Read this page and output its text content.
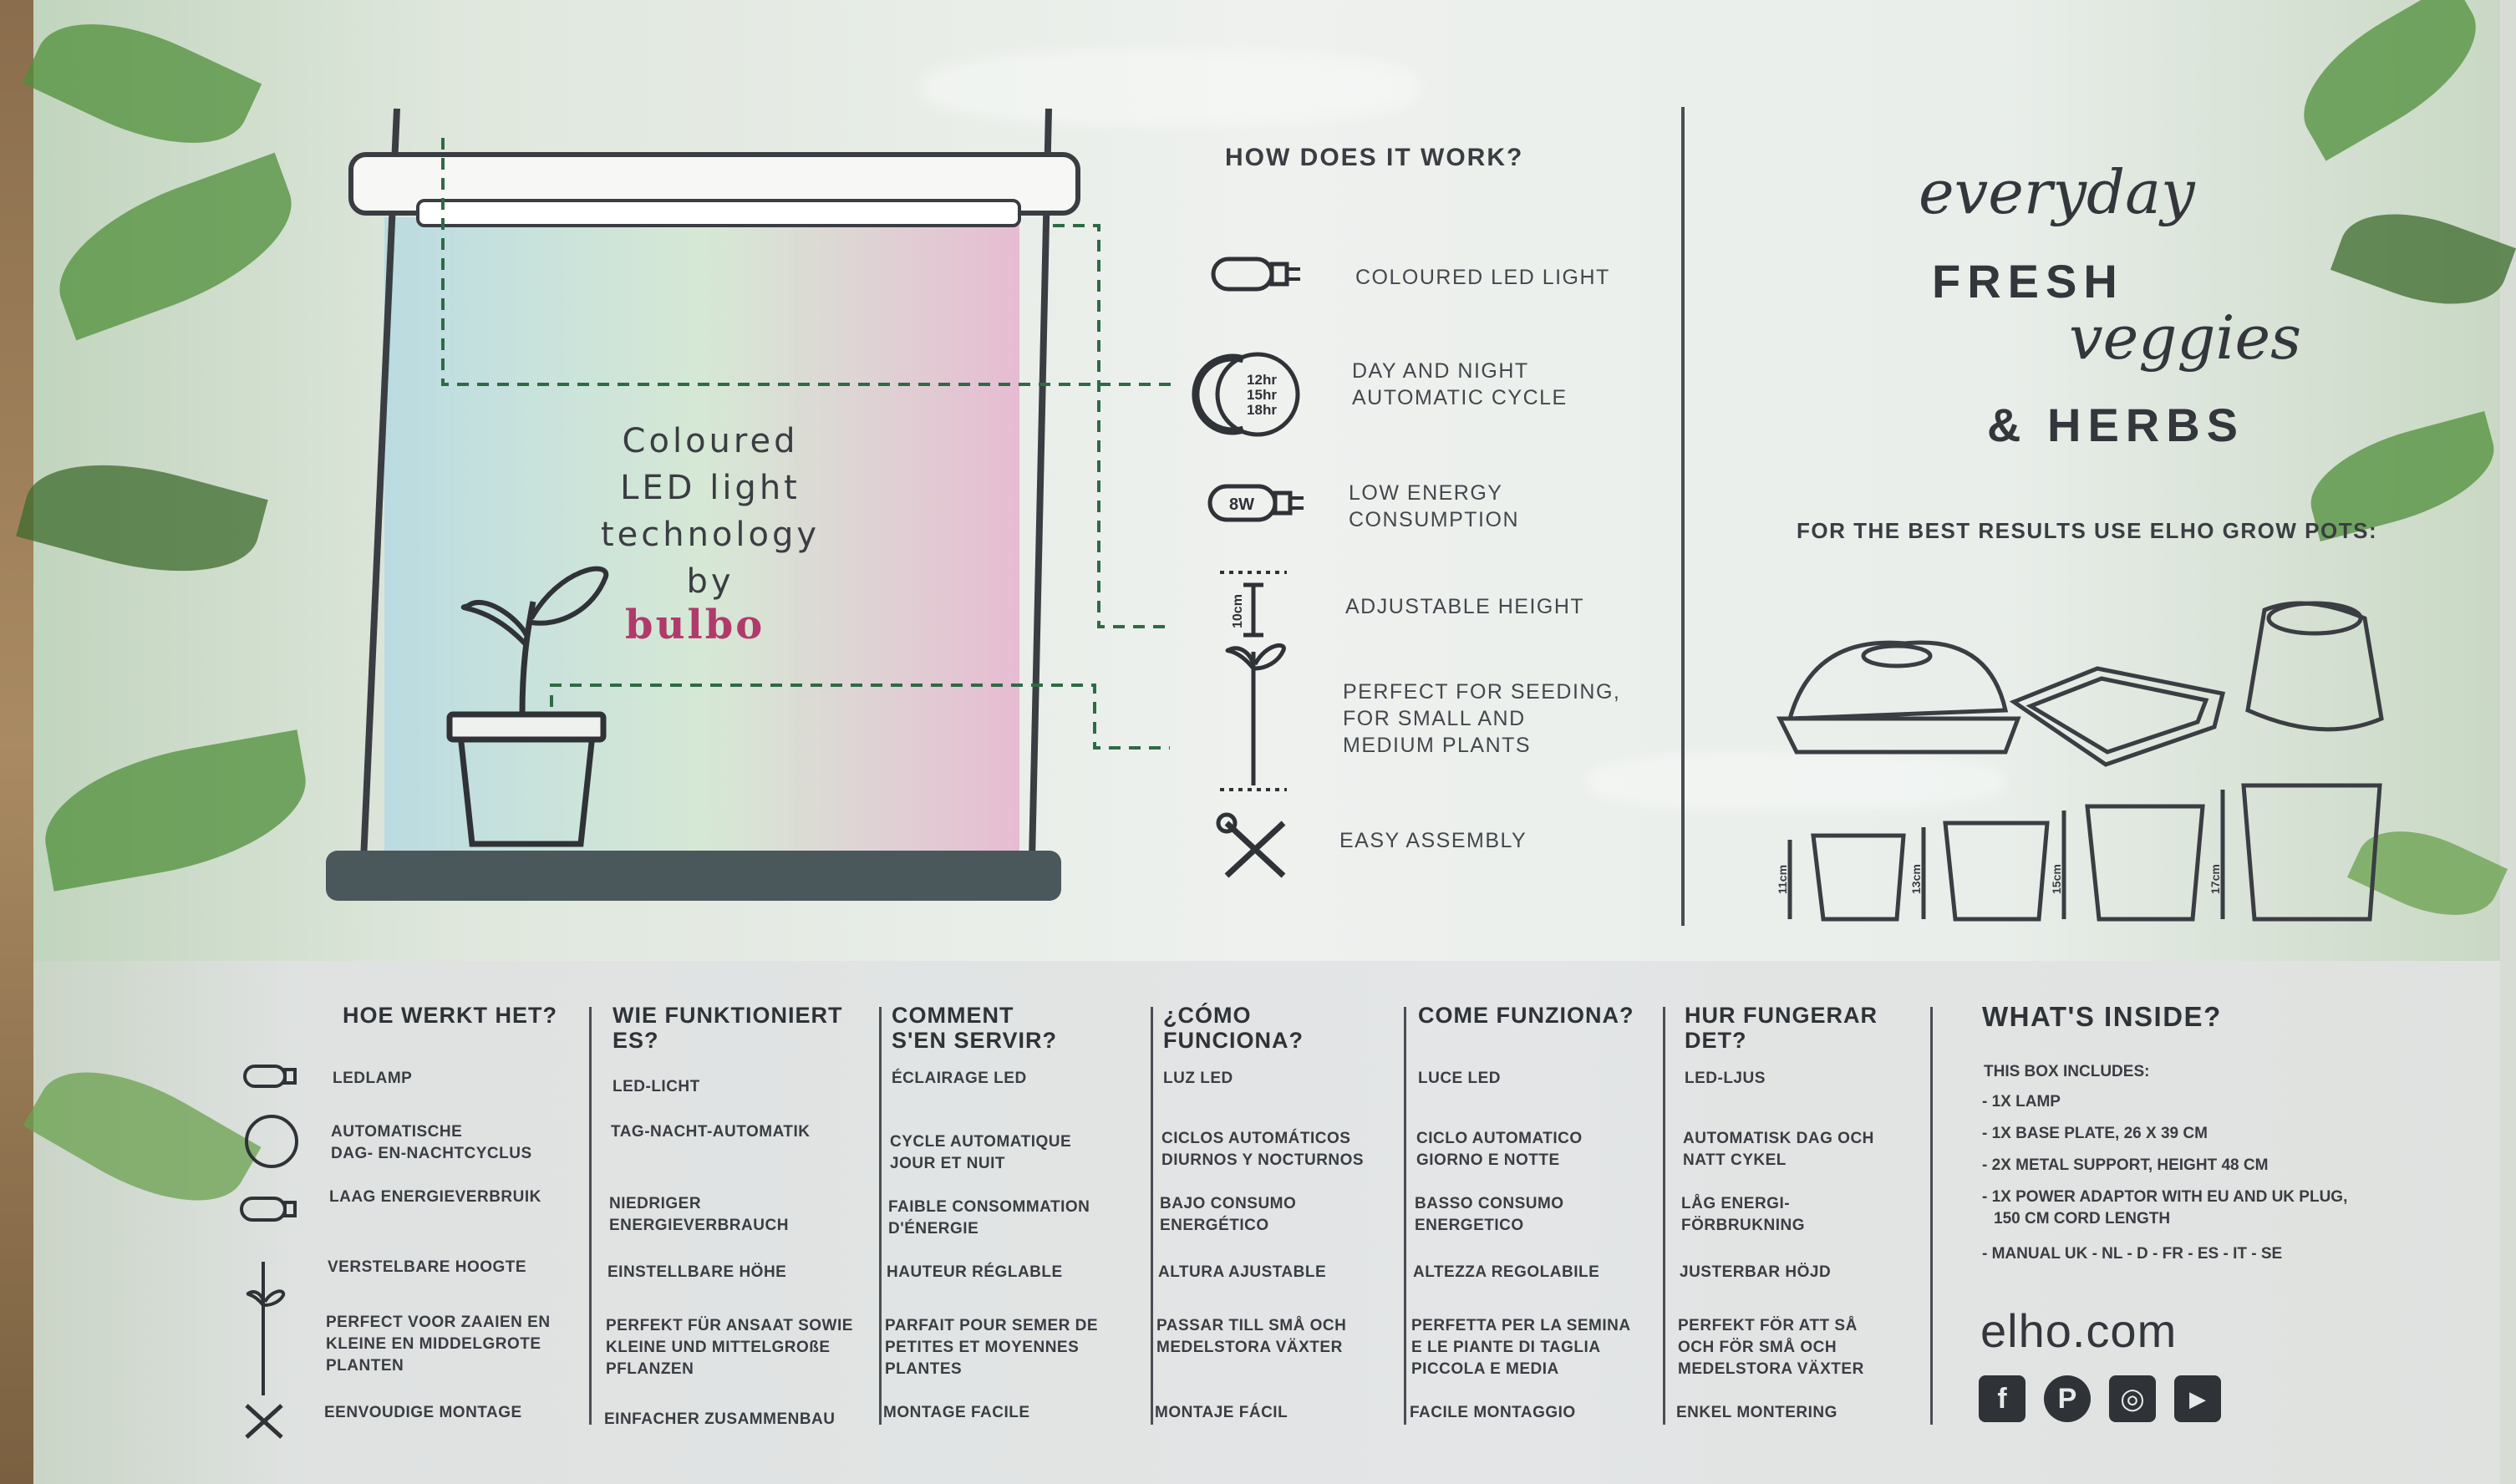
Coloured
LED light
technology
by
bulbo
HOW DOES IT WORK?
12hr
15hr
18hr
8W
10cm
COLOURED LED LIGHT
DAY AND NIGHT
AUTOMATIC CYCLE
LOW ENERGY
CONSUMPTION
ADJUSTABLE HEIGHT
PERFECT FOR SEEDING,
FOR SMALL AND
MEDIUM PLANTS
EASY ASSEMBLY
everyday
FRESH
veggies
& HERBS
FOR THE BEST RESULTS USE ELHO GROW POTS:
11cm	13cm	15cm	17cm
HOE WERKT HET?
LEDLAMP
AUTOMATISCHE
DAG- EN-NACHTCYCLUS
LAAG ENERGIEVERBRUIK
VERSTELBARE HOOGTE
PERFECT VOOR ZAAIEN EN
KLEINE EN MIDDELGROTE
PLANTEN
EENVOUDIGE MONTAGE
WIE FUNKTIONIERT
ES?
LED-LICHT
TAG-NACHT-AUTOMATIK
NIEDRIGER
ENERGIEVERBRAUCH
EINSTELLBARE HÖHE
PERFEKT FÜR ANSAAT SOWIE
KLEINE UND MITTELGROßE
PFLANZEN
EINFACHER ZUSAMMENBAU
COMMENT
S'EN SERVIR?
ÉCLAIRAGE LED
CYCLE AUTOMATIQUE
JOUR ET NUIT
FAIBLE CONSOMMATION
D'ÉNERGIE
HAUTEUR RÉGLABLE
PARFAIT POUR SEMER DE
PETITES ET MOYENNES
PLANTES
MONTAGE FACILE
¿CÓMO
FUNCIONA?
LUZ LED
CICLOS AUTOMÁTICOS
DIURNOS Y NOCTURNOS
BAJO CONSUMO
ENERGÉTICO
ALTURA AJUSTABLE
PASSAR TILL SMÅ OCH
MEDELSTORA VÄXTER
MONTAJE FÁCIL
COME FUNZIONA?
LUCE LED
CICLO AUTOMATICO
GIORNO E NOTTE
BASSO CONSUMO
ENERGETICO
ALTEZZA REGOLABILE
PERFETTA PER LA SEMINA
E LE PIANTE DI TAGLIA
PICCOLA E MEDIA
FACILE MONTAGGIO
HUR FUNGERAR
DET?
LED-LJUS
AUTOMATISK DAG OCH
NATT CYKEL
LÅG ENERGI-
FÖRBRUKNING
JUSTERBAR HÖJD
PERFEKT FÖR ATT SÅ
OCH FÖR SMÅ OCH
MEDELSTORA VÄXTER
ENKEL MONTERING
WHAT'S INSIDE?
THIS BOX INCLUDES:
- 1X LAMP
- 1X BASE PLATE, 26 X 39 CM
- 2X METAL SUPPORT, HEIGHT 48 CM
- 1X POWER ADAPTOR WITH EU AND UK PLUG,
150 CM CORD LENGTH
- MANUAL UK - NL - D - FR - ES - IT - SE
elho.com
f	P	◎	▶
